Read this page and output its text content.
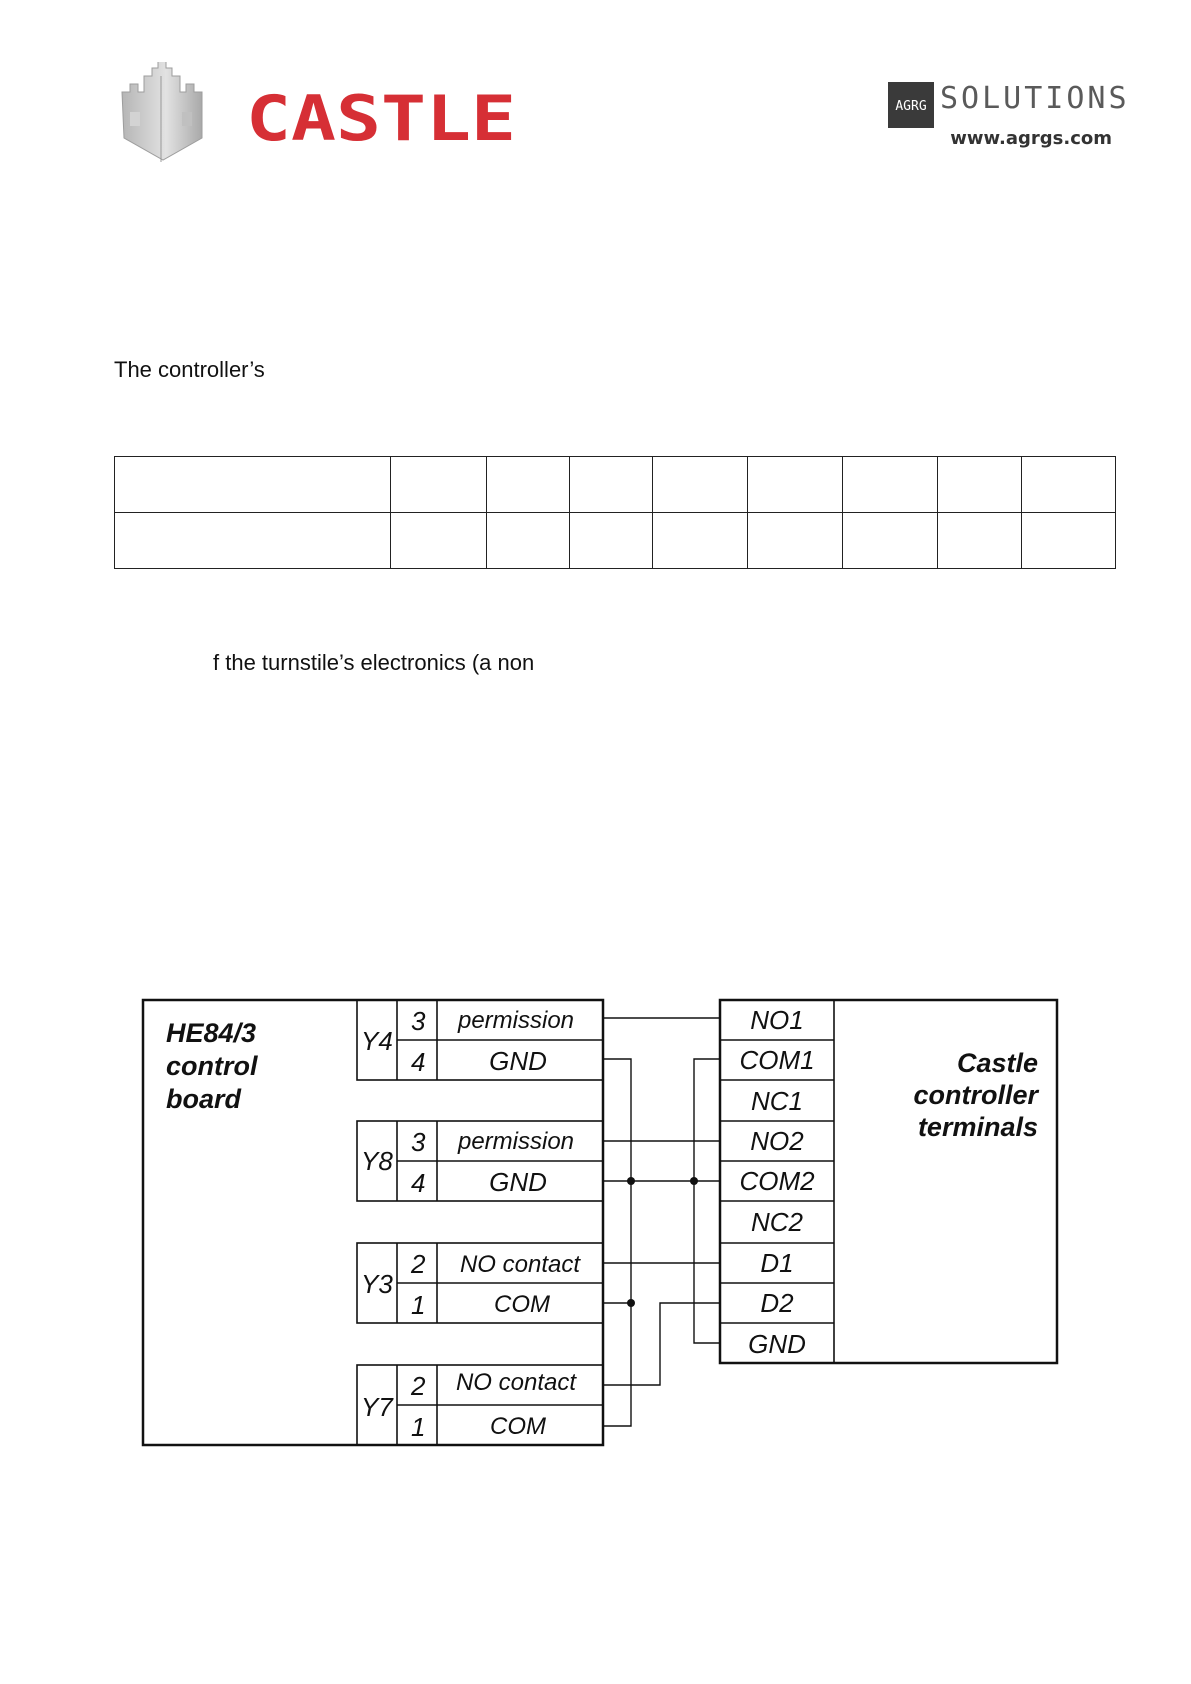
CASTLE	AGRG SOLUTIONS
www.agrgs.com
The controller’s

f the turnstile’s electronics (a non
HE84/3
control
board
Y4
3 permission
4 GND
Y8
3 permission
4 GND
Y3
2 NO contact
1	COM
Y7
2 NO contact
1	COM
NO1
COM1
NC1
NO2
COM2
NC2
D1
D2
GND
Castle
controller
terminals
